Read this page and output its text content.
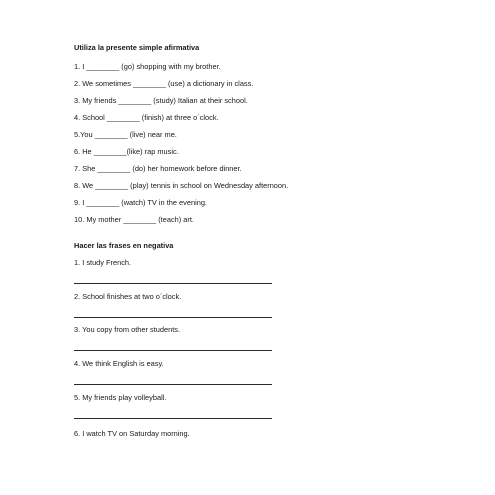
Utiliza la presente simple afirmativa
1. I ________ (go) shopping with my brother.
2. We sometimes ________ (use) a dictionary in class.
3. My friends ________ (study) Italian at their school.
4. School ________ (finish) at three o´clock.
5.You ________ (live) near me.
6. He ________(like) rap music.
7. She ________ (do) her homework before dinner.
8. We ________ (play) tennis in school on Wednesday afternoon.
9. I ________ (watch) TV in the evening.
10. My mother ________ (teach) art.
Hacer las frases en negativa
1. I study French.
2. School finishes at two o´clock.
3. You copy from other students.
4. We think English is easy.
5. My friends play volleyball.
6. I watch TV on Saturday morning.
